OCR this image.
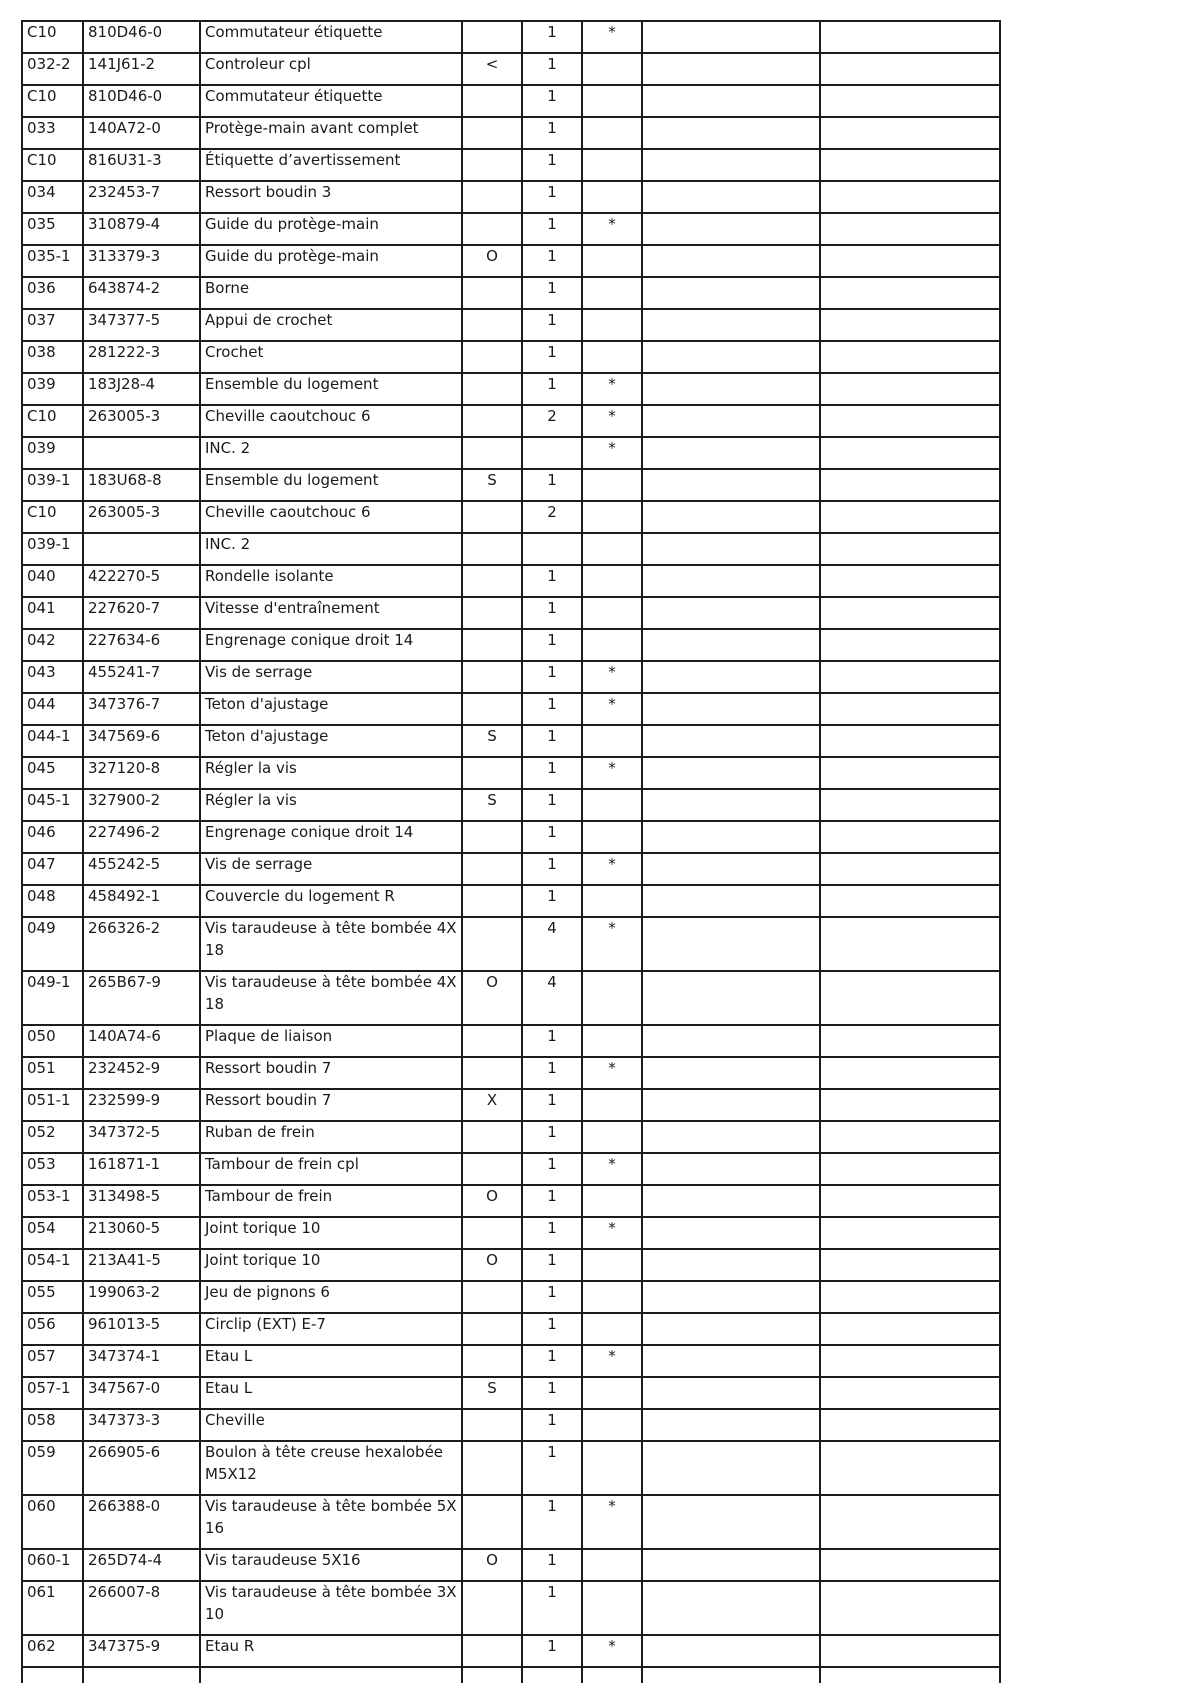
C10	810D46-0	Commutateur étiquette		1	*		
032-2	141J61-2	Controleur cpl	<	1			
C10	810D46-0	Commutateur étiquette		1			
033	140A72-0	Protège-main avant complet		1			
C10	816U31-3	Étiquette d’avertissement		1			
034	232453-7	Ressort boudin 3		1			
035	310879-4	Guide du protège-main		1	*		
035-1	313379-3	Guide du protège-main	O	1			
036	643874-2	Borne		1			
037	347377-5	Appui de crochet		1			
038	281222-3	Crochet		1			
039	183J28-4	Ensemble du logement		1	*		
C10	263005-3	Cheville caoutchouc 6		2	*		
039		INC. 2			*		
039-1	183U68-8	Ensemble du logement	S	1			
C10	263005-3	Cheville caoutchouc 6		2			
039-1		INC. 2					
040	422270-5	Rondelle isolante		1			
041	227620-7	Vitesse d'entraînement		1			
042	227634-6	Engrenage conique droit 14		1			
043	455241-7	Vis de serrage		1	*		
044	347376-7	Teton d'ajustage		1	*		
044-1	347569-6	Teton d'ajustage	S	1			
045	327120-8	Régler la vis		1	*		
045-1	327900-2	Régler la vis	S	1			
046	227496-2	Engrenage conique droit 14		1			
047	455242-5	Vis de serrage		1	*		
048	458492-1	Couvercle du logement R		1			
049	266326-2	Vis taraudeuse à tête bombée 4X 18		4	*		
049-1	265B67-9	Vis taraudeuse à tête bombée 4X 18	O	4			
050	140A74-6	Plaque de liaison		1			
051	232452-9	Ressort boudin 7		1	*		
051-1	232599-9	Ressort boudin 7	X	1			
052	347372-5	Ruban de frein		1			
053	161871-1	Tambour de frein cpl		1	*		
053-1	313498-5	Tambour de frein	O	1			
054	213060-5	Joint torique 10		1	*		
054-1	213A41-5	Joint torique 10	O	1			
055	199063-2	Jeu de pignons 6		1			
056	961013-5	Circlip (EXT) E-7		1			
057	347374-1	Etau L		1	*		
057-1	347567-0	Etau L	S	1			
058	347373-3	Cheville		1			
059	266905-6	Boulon à tête creuse hexalobée M5X12		1			
060	266388-0	Vis taraudeuse à tête bombée 5X 16		1	*		
060-1	265D74-4	Vis taraudeuse 5X16	O	1			
061	266007-8	Vis taraudeuse à tête bombée 3X 10		1			
062	347375-9	Etau R		1	*		
